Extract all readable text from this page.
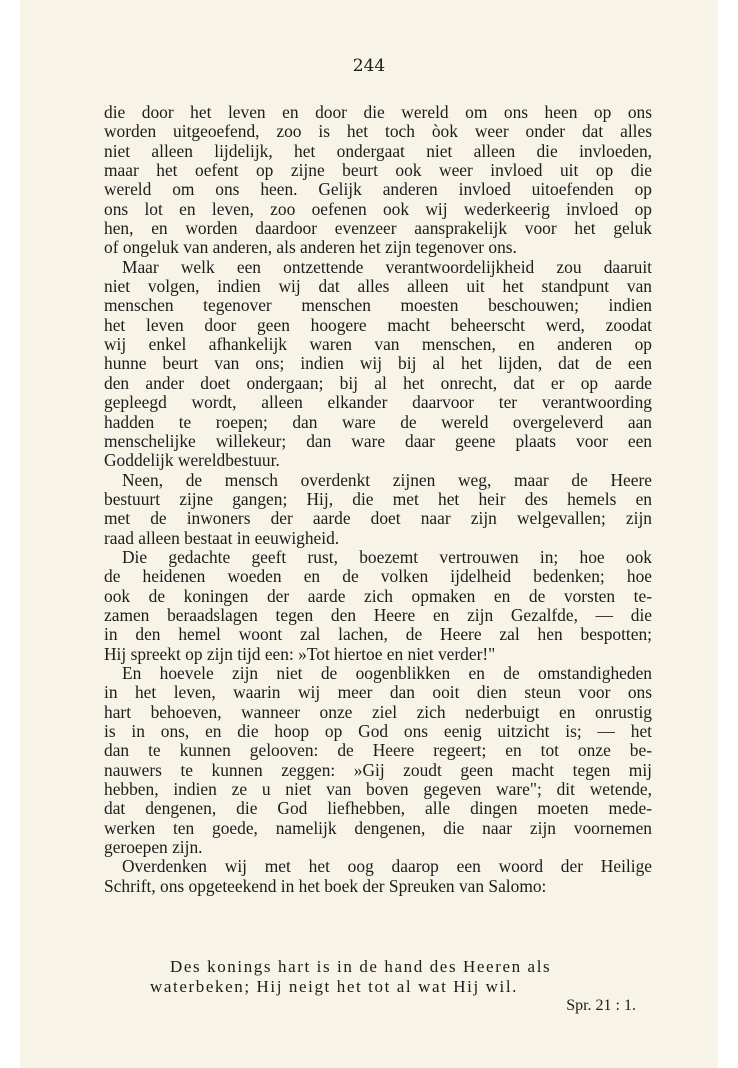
244
die door het leven en door die wereld om ons heen op ons
worden uitgeoefend, zoo is het toch òok weer onder dat alles
niet alleen lijdelijk, het ondergaat niet alleen die invloeden,
maar het oefent op zijne beurt ook weer invloed uit op die
wereld om ons heen. Gelijk anderen invloed uitoefenden op
ons lot en leven, zoo oefenen ook wij wederkeerig invloed op
hen, en worden daardoor evenzeer aansprakelijk voor het geluk
of ongeluk van anderen, als anderen het zijn tegenover ons.
Maar welk een ontzettende verantwoordelijkheid zou daaruit
niet volgen, indien wij dat alles alleen uit het standpunt van
menschen tegenover menschen moesten beschouwen; indien
het leven door geen hoogere macht beheerscht werd, zoodat
wij enkel afhankelijk waren van menschen, en anderen op
hunne beurt van ons; indien wij bij al het lijden, dat de een
den ander doet ondergaan; bij al het onrecht, dat er op aarde
gepleegd wordt, alleen elkander daarvoor ter verantwoording
hadden te roepen; dan ware de wereld overgeleverd aan
menschelijke willekeur; dan ware daar geene plaats voor een
Goddelijk wereldbestuur.
Neen, de mensch overdenkt zijnen weg, maar de Heere
bestuurt zijne gangen; Hij, die met het heir des hemels en
met de inwoners der aarde doet naar zijn welgevallen; zijn
raad alleen bestaat in eeuwigheid.
Die gedachte geeft rust, boezemt vertrouwen in; hoe ook
de heidenen woeden en de volken ijdelheid bedenken; hoe
ook de koningen der aarde zich opmaken en de vorsten te-
zamen beraadslagen tegen den Heere en zijn Gezalfde, — die
in den hemel woont zal lachen, de Heere zal hen bespotten;
Hij spreekt op zijn tijd een: »Tot hiertoe en niet verder!"
En hoevele zijn niet de oogenblikken en de omstandigheden
in het leven, waarin wij meer dan ooit dien steun voor ons
hart behoeven, wanneer onze ziel zich nederbuigt en onrustig
is in ons, en die hoop op God ons eenig uitzicht is; — het
dan te kunnen gelooven: de Heere regeert; en tot onze be-
nauwers te kunnen zeggen: »Gij zoudt geen macht tegen mij
hebben, indien ze u niet van boven gegeven ware"; dit wetende,
dat dengenen, die God liefhebben, alle dingen moeten mede-
werken ten goede, namelijk dengenen, die naar zijn voornemen
geroepen zijn.
Overdenken wij met het oog daarop een woord der Heilige
Schrift, ons opgeteekend in het boek der Spreuken van Salomo:
Des konings hart is in de hand des Heeren als
waterbeken; Hij neigt het tot al wat Hij wil.
Spr. 21 : 1.
